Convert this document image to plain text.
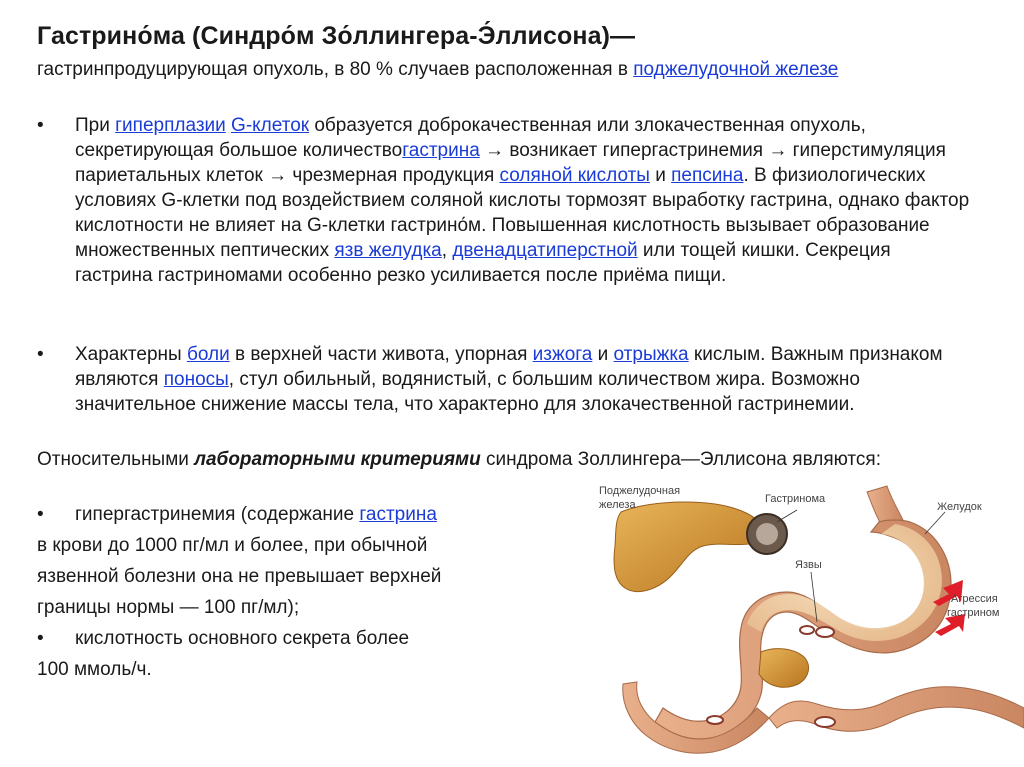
Гастрино́ма (Синдро́м Зо́ллингера-Э́ллисона)—
гастринпродуцирующая опухоль, в 80 % случаев расположенная в поджелудочной железе
• При гиперплазии G-клеток образуется доброкачественная или злокачественная опухоль, секретирующая большое количествогастрина → возникает гипергастринемия → гиперстимуляция париетальных клеток → чрезмерная продукция соляной кислоты и пепсина. В физиологических условиях G-клетки под воздействием соляной кислоты тормозят выработку гастрина, однако фактор кислотности не влияет на G-клетки гастрино́м. Повышенная кислотность вызывает образование множественных пептических язв желудка, двенадцатиперстной или тощей кишки. Секреция гастрина гастриномами особенно резко усиливается после приёма пищи.
• Характерны боли в верхней части живота, упорная изжога и отрыжка кислым. Важным признаком являются поносы, стул обильный, водянистый, с большим количеством жира. Возможно значительное снижение массы тела, что характерно для злокачественной гастринемии.
Относительными лабораторными критериями синдрома Золлингера—Эллисона являются:
• гипергастринемия (содержание гастрина
в крови до 1000 пг/мл и более, при обычной
язвенной болезни она не превышает верхней
границы нормы — 100 пг/мл);
• кислотность основного секрета более
100 ммоль/ч.
Поджелудочная
железа	Гастринома
Желудок
Язвы
Агрессия
гастрином
